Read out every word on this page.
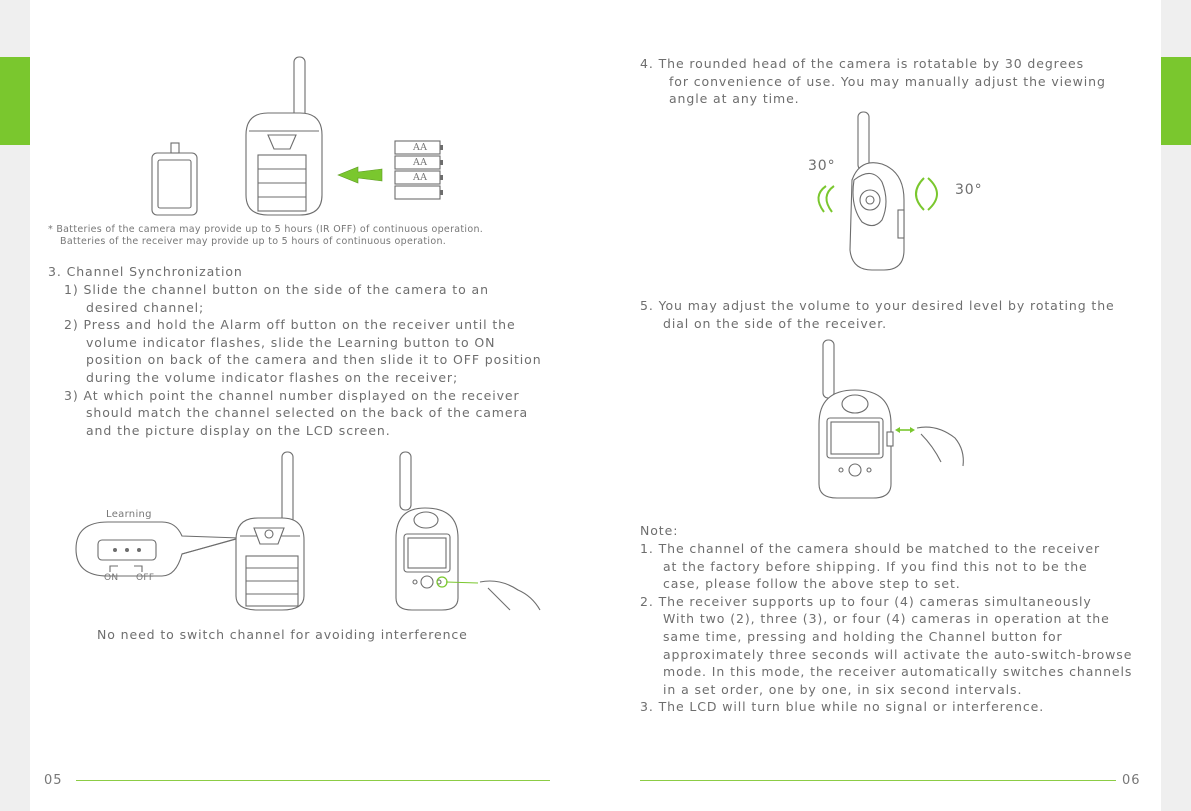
AA
AA
AA
* Batteries of the camera may provide up to 5 hours (IR OFF) of continuous operation.
Batteries of the receiver may provide up to 5 hours of continuous operation.
3. Channel Synchronization
1) Slide the channel button on the side of the camera to an
desired channel;
2) Press and hold the Alarm off button on the receiver until the
volume indicator flashes, slide the Learning button to ON
position on back of the camera and then slide it to OFF position
during the volume indicator flashes on the receiver;
3) At which point the channel number displayed on the receiver
should match the channel selected on the back of the camera
and the picture display on the LCD screen.
Learning
ON OFF
No need to switch channel for avoiding interference
05
4. The rounded head of the camera is rotatable by 30 degrees
for convenience of use. You may manually adjust the viewing
angle at any time.
30°
30°
5. You may adjust the volume to your desired level by rotating the
dial on the side of the receiver.
Note:
1. The channel of the camera should be matched to the receiver
at the factory before shipping. If you find this not to be the
case, please follow the above step to set.
2. The receiver supports up to four (4) cameras simultaneously
With two (2), three (3), or four (4) cameras in operation at the
same time, pressing and holding the Channel button for
approximately three seconds will activate the auto-switch-browse
mode. In this mode, the receiver automatically switches channels
in a set order, one by one, in six second intervals.
3. The LCD will turn blue while no signal or interference.
06
